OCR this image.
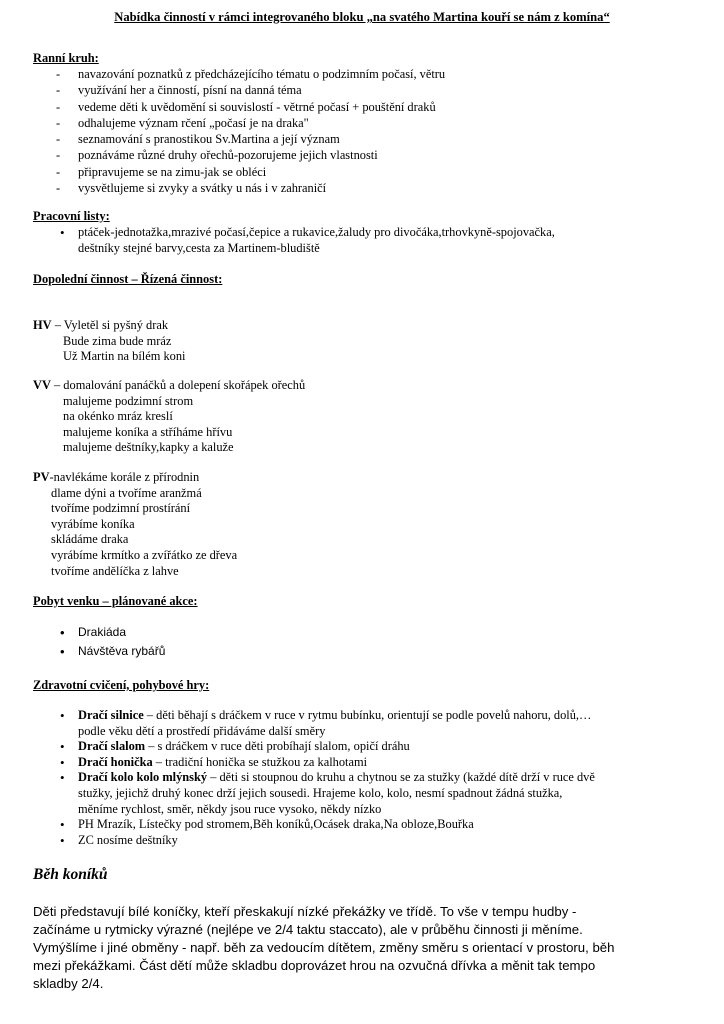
Nabídka činností v rámci integrovaného bloku „na svatého Martina kouří se nám z komína“
Ranní kruh:
- navazování poznatků z předcházejícího tématu o podzimním počasí, větru
- využívání her a činností, písní na danná téma
- vedeme děti k uvědomění si souvislostí - větrné počasí + pouštění draků
- odhalujeme význam rčení „počasí je na draka"
- seznamování s pranostikou Sv.Martina a její význam
- poznáváme různé druhy ořechů-pozorujeme jejich vlastnosti
- připravujeme se na zimu-jak se obléci
- vysvětlujeme si zvyky a svátky u nás i v zahraničí
Pracovní listy:
• ptáček-jednotažka,mrazivé počasí,čepice a rukavice,žaludy pro divočáka,trhovkyně-spojovačka,
deštníky stejné barvy,cesta za Martinem-bludiště
Dopolední činnost – Řízená činnost:
HV – Vyletěl si pyšný drak
Bude zima bude mráz
Už Martin na bílém koni
VV – domalování panáčků a dolepení skořápek ořechů
malujeme podzimní strom
na okénko mráz kreslí
malujeme koníka a stříháme hřívu
malujeme deštníky,kapky a kaluže
PV-navlékáme korále z přírodnin
dlame dýni a tvoříme aranžmá
tvoříme podzimní prostírání
vyrábíme koníka
skládáme draka
vyrábíme krmítko a zvířátko ze dřeva
tvoříme andělíčka z lahve
Pobyt venku – plánované akce:
• Drakiáda
• Návštěva rybářů
Zdravotní cvičení, pohybové hry:
• Dračí silnice – děti běhají s dráčkem v ruce v rytmu bubínku, orientují se podle povelů nahoru, dolů,…
podle věku dětí a prostředí přidáváme další směry
• Dračí slalom – s dráčkem v ruce děti probíhají slalom, opičí dráhu
• Dračí honička – tradiční honička se stužkou za kalhotami
• Dračí kolo kolo mlýnský – děti si stoupnou do kruhu a chytnou se za stužky (každé dítě drží v ruce dvě
stužky, jejichž druhý konec drží jejich sousedi. Hrajeme kolo, kolo, nesmí spadnout žádná stužka,
měníme rychlost, směr, někdy jsou ruce vysoko, někdy nízko
• PH Mrazík, Lístečky pod stromem,Běh koníků,Ocásek draka,Na obloze,Bouřka
• ZC nosíme deštníky
Běh koníků
Děti představují bílé koníčky, kteří přeskakují nízké překážky ve třídě. To vše v tempu hudby -
začínáme u rytmicky výrazné (nejlépe ve 2/4 taktu staccato), ale v průběhu činnosti ji měníme.
Vymýšlíme i jiné obměny - např. běh za vedoucím dítětem, změny směru s orientací v prostoru, běh
mezi překážkami. Část dětí může skladbu doprovázet hrou na ozvučná dřívka a měnit tak tempo
skladby 2/4.
